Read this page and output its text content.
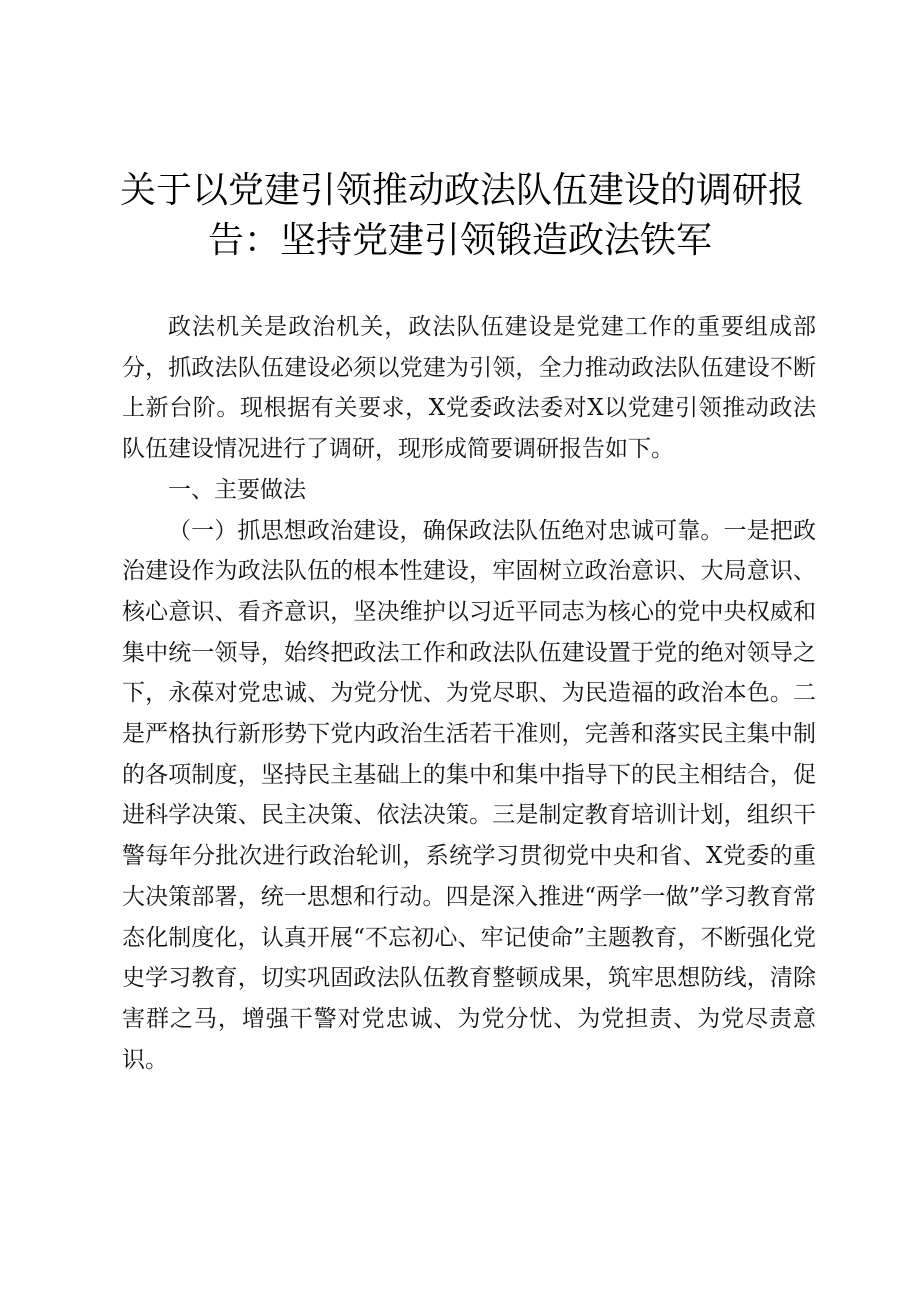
关于以党建引领推动政法队伍建设的调研报
告：坚持党建引领锻造政法铁军

政法机关是政治机关，政法队伍建设是党建工作的重要组成部分，抓政法队伍建设必须以党建为引领，全力推动政法队伍建设不断上新台阶。现根据有关要求，X党委政法委对X以党建引领推动政法队伍建设情况进行了调研，现形成简要调研报告如下。

一、主要做法

（一）抓思想政治建设，确保政法队伍绝对忠诚可靠。一是把政治建设作为政法队伍的根本性建设，牢固树立政治意识、大局意识、核心意识、看齐意识，坚决维护以习近平同志为核心的党中央权威和集中统一领导，始终把政法工作和政法队伍建设置于党的绝对领导之下，永葆对党忠诚、为党分忧、为党尽职、为民造福的政治本色。二是严格执行新形势下党内政治生活若干准则，完善和落实民主集中制的各项制度，坚持民主基础上的集中和集中指导下的民主相结合，促进科学决策、民主决策、依法决策。三是制定教育培训计划，组织干警每年分批次进行政治轮训，系统学习贯彻党中央和省、X党委的重大决策部署，统一思想和行动。四是深入推进“两学一做”学习教育常态化制度化，认真开展“不忘初心、牢记使命”主题教育，不断强化党史学习教育，切实巩固政法队伍教育整顿成果，筑牢思想防线，清除害群之马，增强干警对党忠诚、为党分忧、为党担责、为党尽责意识。
